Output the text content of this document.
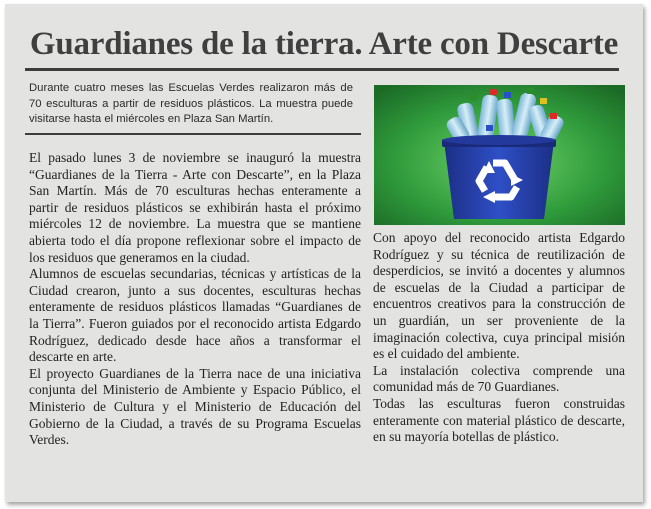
Guardianes de la tierra. Arte con Descarte
Durante cuatro meses las Escuelas Verdes realizaron más de 70 esculturas a partir de residuos plásticos. La muestra puede visitarse hasta el miércoles en Plaza San Martín.

El pasado lunes 3 de noviembre se inauguró la muestra “Guardianes de la Tierra - Arte con Descarte”, en la Plaza San Martín. Más de 70 esculturas hechas enteramente a partir de residuos plásticos se exhibirán hasta el próximo miércoles 12 de noviembre. La muestra que se mantiene abierta todo el día propone reflexionar sobre el impacto de los residuos que generamos en la ciudad.

Alumnos de escuelas secundarias, técnicas y artísticas de la Ciudad crearon, junto a sus docentes, esculturas hechas enteramente de residuos plásticos llamadas “Guardianes de la Tierra”. Fueron guiados por el reconocido artista Edgardo Rodríguez, dedicado desde hace años a transformar el descarte en arte.

El proyecto Guardianes de la Tierra nace de una iniciativa conjunta del Ministerio de Ambiente y Espacio Público, el Ministerio de Cultura y el Ministerio de Educación del Gobierno de la Ciudad, a través de su Programa Escuelas Verdes.

Con apoyo del reconocido artista Edgardo Rodríguez y su técnica de reutilización de desperdicios, se invitó a docentes y alumnos de escuelas de la Ciudad a participar de encuentros creativos para la construcción de un guardián, un ser proveniente de la imaginación colectiva, cuya principal misión es el cuidado del ambiente.

La instalación colectiva comprende una comunidad más de 70 Guardianes.

Todas las esculturas fueron construidas enteramente con material plástico de descarte, en su mayoría botellas de plástico.
